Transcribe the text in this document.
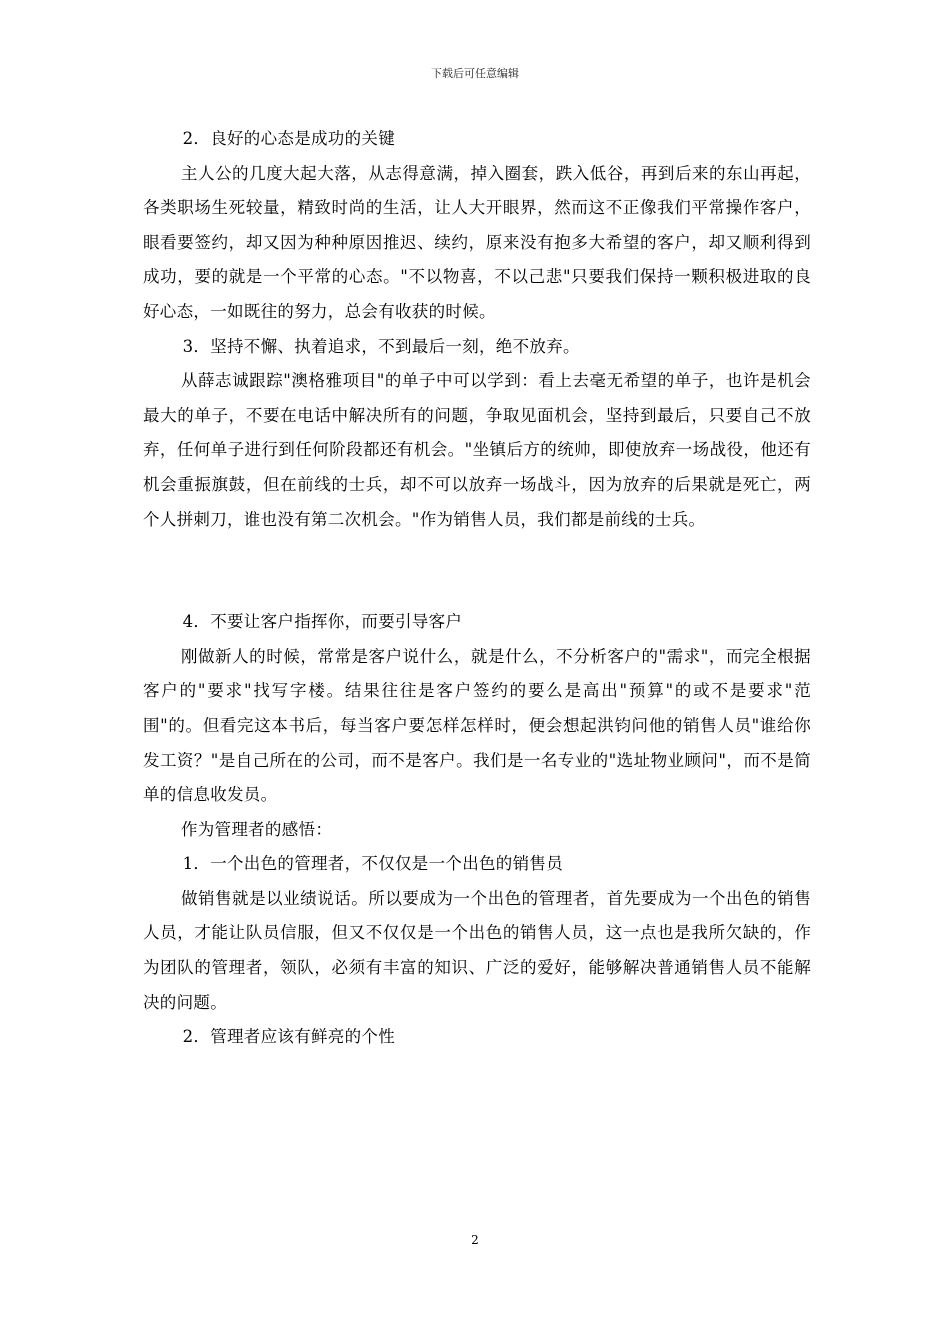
下载后可任意编辑

2．良好的心态是成功的关键

主人公的几度大起大落，从志得意满，掉入圈套，跌入低谷，再到后来的东山再起，各类职场生死较量，精致时尚的生活，让人大开眼界，然而这不正像我们平常操作客户，眼看要签约，却又因为种种原因推迟、续约，原来没有抱多大希望的客户，却又顺利得到成功，要的就是一个平常的心态。"不以物喜，不以己悲"只要我们保持一颗积极进取的良好心态，一如既往的努力，总会有收获的时候。

3．坚持不懈、执着追求，不到最后一刻，绝不放弃。

从薛志诚跟踪"澳格雅项目"的单子中可以学到：看上去毫无希望的单子，也许是机会最大的单子，不要在电话中解决所有的问题，争取见面机会，坚持到最后，只要自己不放弃，任何单子进行到任何阶段都还有机会。"坐镇后方的统帅，即使放弃一场战役，他还有机会重振旗鼓，但在前线的士兵，却不可以放弃一场战斗，因为放弃的后果就是死亡，两个人拼刺刀，谁也没有第二次机会。"作为销售人员，我们都是前线的士兵。

4．不要让客户指挥你，而要引导客户

刚做新人的时候，常常是客户说什么，就是什么，不分析客户的"需求"，而完全根据客户的"要求"找写字楼。结果往往是客户签约的要么是高出"预算"的或不是要求"范围"的。但看完这本书后，每当客户要怎样怎样时，便会想起洪钧问他的销售人员"谁给你发工资？"是自己所在的公司，而不是客户。我们是一名专业的"选址物业顾问"，而不是简单的信息收发员。

作为管理者的感悟：

1．一个出色的管理者，不仅仅是一个出色的销售员

做销售就是以业绩说话。所以要成为一个出色的管理者，首先要成为一个出色的销售人员，才能让队员信服，但又不仅仅是一个出色的销售人员，这一点也是我所欠缺的，作为团队的管理者，领队，必须有丰富的知识、广泛的爱好，能够解决普通销售人员不能解决的问题。

2．管理者应该有鲜亮的个性

2
